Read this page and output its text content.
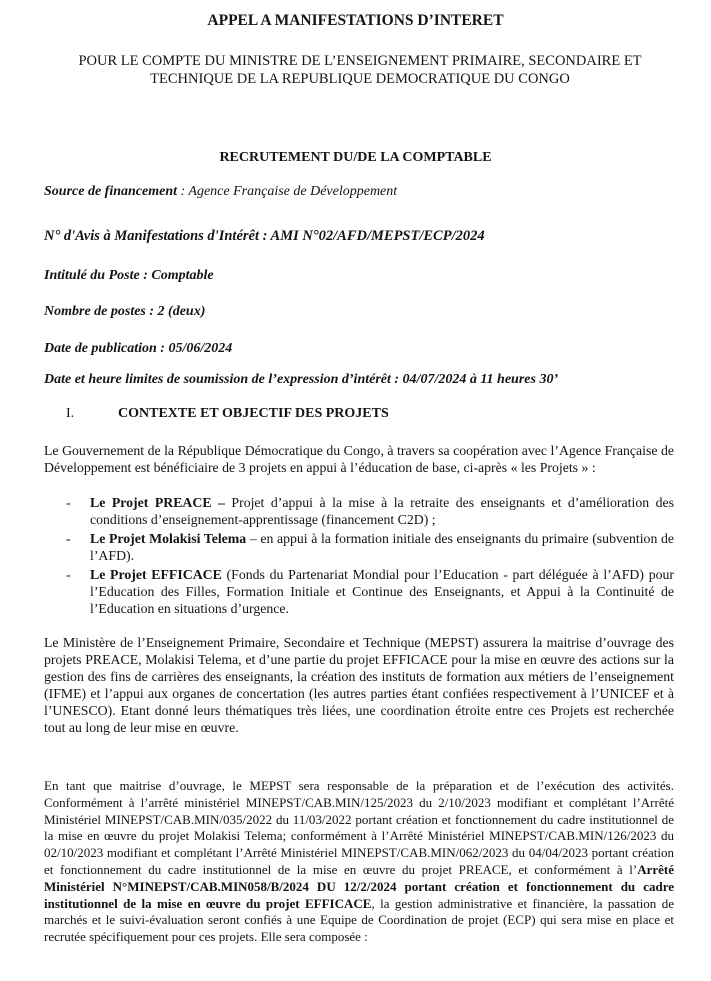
APPEL A MANIFESTATIONS D’INTERET
POUR LE COMPTE DU MINISTRE DE L’ENSEIGNEMENT PRIMAIRE, SECONDAIRE ET TECHNIQUE DE LA REPUBLIQUE DEMOCRATIQUE DU CONGO
RECRUTEMENT DU/DE LA COMPTABLE
Source de financement : Agence Française de Développement
N° d'Avis à Manifestations d'Intérêt : AMI N°02/AFD/MEPST/ECP/2024
Intitulé du Poste : Comptable
Nombre de postes : 2 (deux)
Date de publication : 05/06/2024
Date et heure limites de soumission de l’expression d’intérêt : 04/07/2024 à 11 heures 30’
I.	CONTEXTE ET OBJECTIF DES PROJETS
Le Gouvernement de la République Démocratique du Congo, à travers sa coopération avec l’Agence Française de Développement est bénéficiaire de 3 projets en appui à l’éducation de base, ci-après « les Projets » :
- Le Projet PREACE – Projet d’appui à la mise à la retraite des enseignants et d’amélioration des conditions d’enseignement-apprentissage (financement C2D) ;
- Le Projet Molakisi Telema – en appui à la formation initiale des enseignants du primaire (subvention de l’AFD).
- Le Projet EFFICACE (Fonds du Partenariat Mondial pour l’Education - part déléguée à l’AFD) pour l’Education des Filles, Formation Initiale et Continue des Enseignants, et Appui à la Continuité de l’Education en situations d’urgence.
Le Ministère de l’Enseignement Primaire, Secondaire et Technique (MEPST) assurera la maitrise d’ouvrage des projets PREACE, Molakisi Telema, et d’une partie du projet EFFICACE pour la mise en œuvre des actions sur la gestion des fins de carrières des enseignants, la création des instituts de formation aux métiers de l’enseignement (IFME) et l’appui aux organes de concertation (les autres parties étant confiées respectivement à l’UNICEF et à l’UNESCO). Etant donné leurs thématiques très liées, une coordination étroite entre ces Projets est recherchée tout au long de leur mise en œuvre.
En tant que maitrise d’ouvrage, le MEPST sera responsable de la préparation et de l’exécution des activités. Conformément à l’arrêté ministériel MINEPST/CAB.MIN/125/2023 du 2/10/2023 modifiant et complétant l’Arrêté Ministériel MINEPST/CAB.MIN/035/2022 du 11/03/2022 portant création et fonctionnement du cadre institutionnel de la mise en œuvre du projet Molakisi Telema; conformément à l’Arrêté Ministériel MINEPST/CAB.MIN/126/2023 du 02/10/2023 modifiant et complétant l’Arrêté Ministériel MINEPST/CAB.MIN/062/2023 du 04/04/2023 portant création et fonctionnement du cadre institutionnel de la mise en œuvre du projet PREACE, et conformément à l’Arrêté Ministériel N°MINEPST/CAB.MIN058/B/2024 DU 12/2/2024 portant création et fonctionnement du cadre institutionnel de la mise en œuvre du projet EFFICACE, la gestion administrative et financière, la passation de marchés et le suivi-évaluation seront confiés à une Equipe de Coordination de projet (ECP) qui sera mise en place et recrutée spécifiquement pour ces projets. Elle sera composée :
